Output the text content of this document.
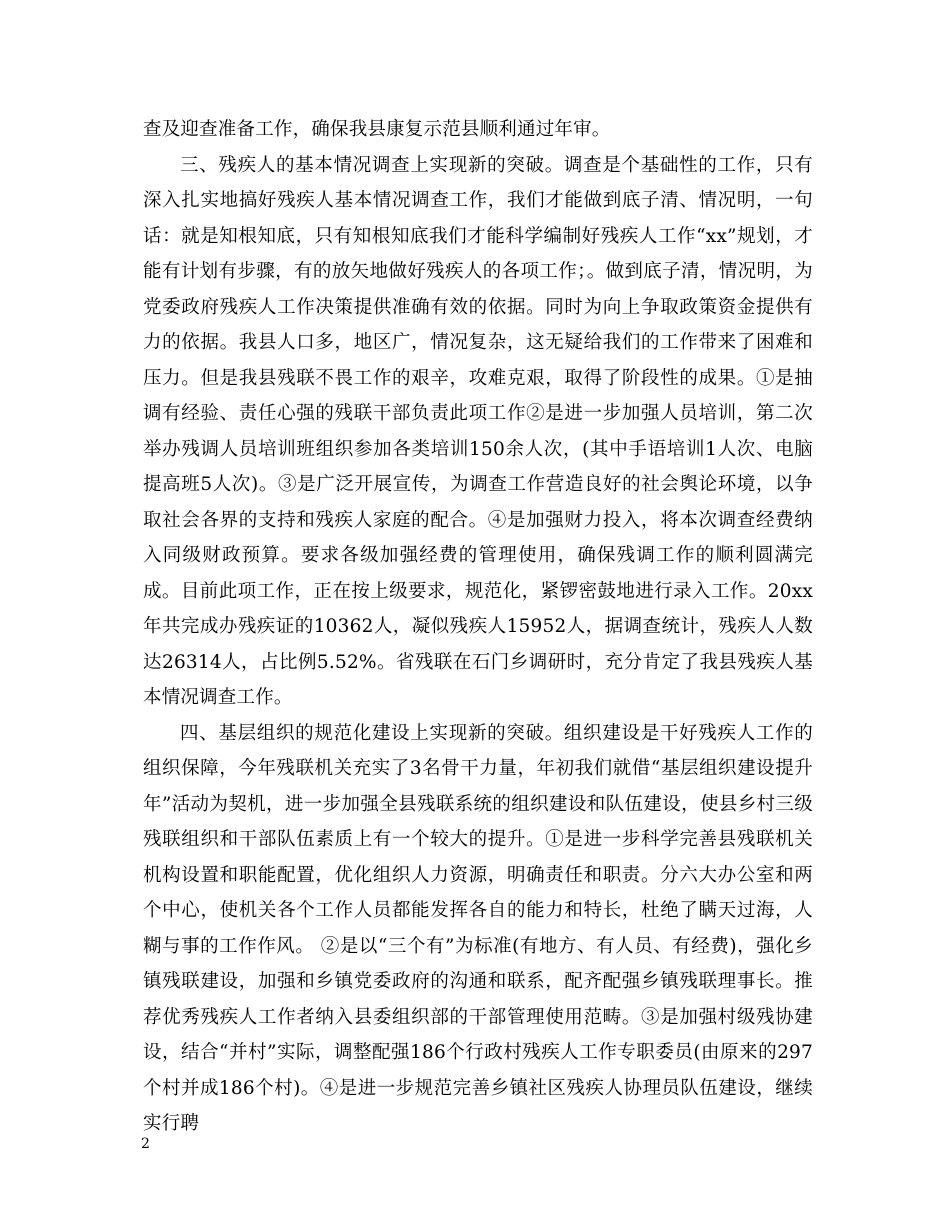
查及迎查准备工作，确保我县康复示范县顺利通过年审。

三、残疾人的基本情况调查上实现新的突破。调查是个基础性的工作，只有深入扎实地搞好残疾人基本情况调查工作，我们才能做到底子清、情况明，一句话：就是知根知底，只有知根知底我们才能科学编制好残疾人工作“xx”规划，才能有计划有步骤，有的放矢地做好残疾人的各项工作；。做到底子清，情况明，为党委政府残疾人工作决策提供准确有效的依据。同时为向上争取政策资金提供有力的依据。我县人口多，地区广，情况复杂，这无疑给我们的工作带来了困难和压力。但是我县残联不畏工作的艰辛，攻难克艰，取得了阶段性的成果。①是抽调有经验、责任心强的残联干部负责此项工作②是进一步加强人员培训，第二次举办残调人员培训班组织参加各类培训150余人次，(其中手语培训1人次、电脑提高班5人次)。③是广泛开展宣传，为调查工作营造良好的社会舆论环境，以争取社会各界的支持和残疾人家庭的配合。④是加强财力投入，将本次调查经费纳入同级财政预算。要求各级加强经费的管理使用，确保残调工作的顺利圆满完成。目前此项工作，正在按上级要求，规范化，紧锣密鼓地进行录入工作。20xx年共完成办残疾证的10362人，凝似残疾人15952人，据调查统计，残疾人人数达26314人，占比例5.52%。省残联在石门乡调研时，充分肯定了我县残疾人基本情况调查工作。

四、基层组织的规范化建设上实现新的突破。组织建设是干好残疾人工作的组织保障，今年残联机关充实了3名骨干力量，年初我们就借“基层组织建设提升年”活动为契机，进一步加强全县残联系统的组织建设和队伍建设，使县乡村三级残联组织和干部队伍素质上有一个较大的提升。①是进一步科学完善县残联机关机构设置和职能配置，优化组织人力资源，明确责任和职责。分六大办公室和两个中心，使机关各个工作人员都能发挥各自的能力和特长，杜绝了瞒天过海，人糊与事的工作作风。 ②是以“三个有”为标准(有地方、有人员、有经费)，强化乡镇残联建设，加强和乡镇党委政府的沟通和联系，配齐配强乡镇残联理事长。推荐优秀残疾人工作者纳入县委组织部的干部管理使用范畴。③是加强村级残协建设，结合“并村”实际，调整配强186个行政村残疾人工作专职委员(由原来的297个村并成186个村)。④是进一步规范完善乡镇社区残疾人协理员队伍建设，继续实行聘

2
